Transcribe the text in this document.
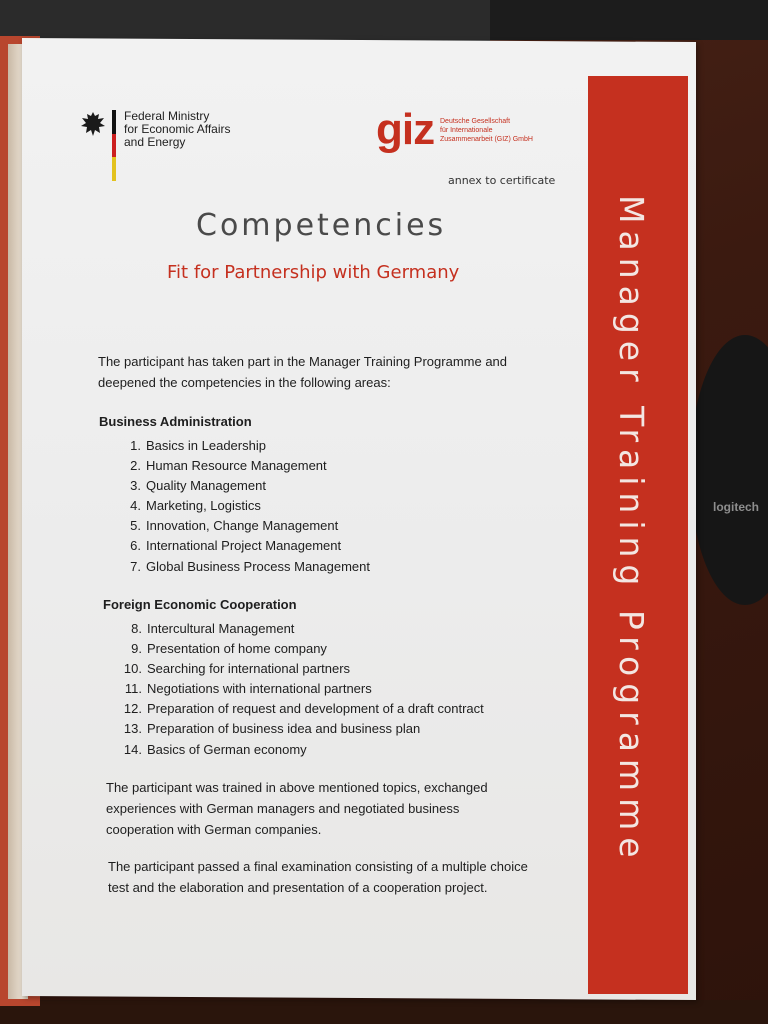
logitech
Manager Training Programme
Federal Ministry
for Economic Affairs
and Energy	giz Deutsche Gesellschaft
für Internationale
Zusammenarbeit (GIZ) GmbH
annex to certificate
Competencies
Fit for Partnership with Germany
The participant has taken part in the Manager Training Programme and deepened the competencies in the following areas:
Business Administration
1. Basics in Leadership
2. Human Resource Management
3. Quality Management
4. Marketing, Logistics
5. Innovation, Change Management
6. International Project Management
7. Global Business Process Management
Foreign Economic Cooperation
8. Intercultural Management
9. Presentation of home company
10. Searching for international partners
11. Negotiations with international partners
12. Preparation of request and development of a draft contract
13. Preparation of business idea and business plan
14. Basics of German economy
The participant was trained in above mentioned topics, exchanged experiences with German managers and negotiated business cooperation with German companies.
The participant passed a final examination consisting of a multiple choice test and the elaboration and presentation of a cooperation project.
